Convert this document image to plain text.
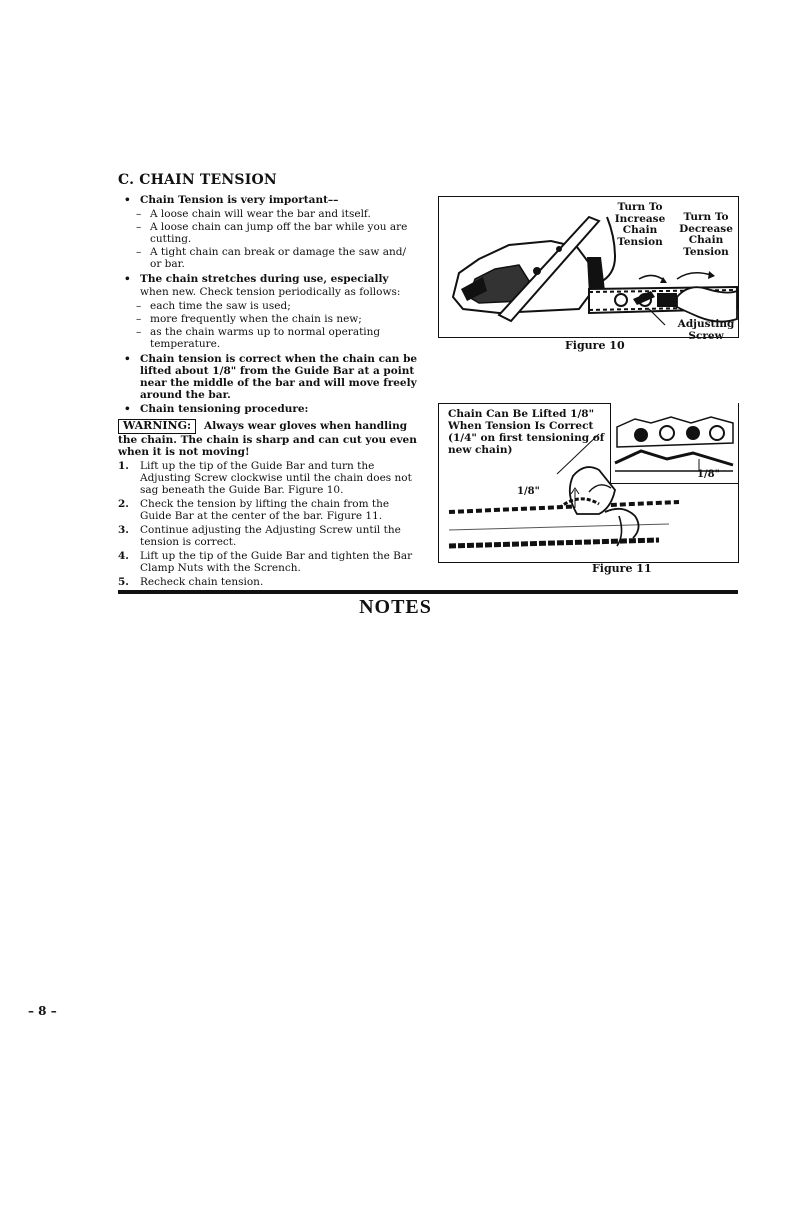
C. CHAIN TENSION
• Chain Tension is very important––
– A loose chain will wear the bar and itself.
– A loose chain can jump off the bar while you are cutting.
– A tight chain can break or damage the saw and/ or bar.
• The chain stretches during use, especially when new. Check tension periodically as follows:
– each time the saw is used;
– more frequently when the chain is new;
– as the chain warms up to normal operating temperature.
• Chain tension is correct when the chain can be lifted about 1/8" from the Guide Bar at a point near the middle of the bar and will move freely around the bar.
• Chain tensioning procedure:
WARNING: Always wear gloves when handling the chain. The chain is sharp and can cut you even when it is not moving!
1. Lift up the tip of the Guide Bar and turn the Adjusting Screw clockwise until the chain does not sag beneath the Guide Bar. Figure 10.
2. Check the tension by lifting the chain from the Guide Bar at the center of the bar. Figure 11.
3. Continue adjusting the Adjusting Screw until the tension is correct.
4. Lift up the tip of the Guide Bar and tighten the Bar Clamp Nuts with the Scrench.
5. Recheck chain tension.
Turn To Increase Chain Tension
Turn To Decrease Chain Tension
Adjusting Screw
Figure 10
Chain Can Be Lifted 1/8" When Tension Is Correct (1/4" on first tensioning of new chain)
1/8"
1/8"
Figure 11
NOTES
– 8 –
